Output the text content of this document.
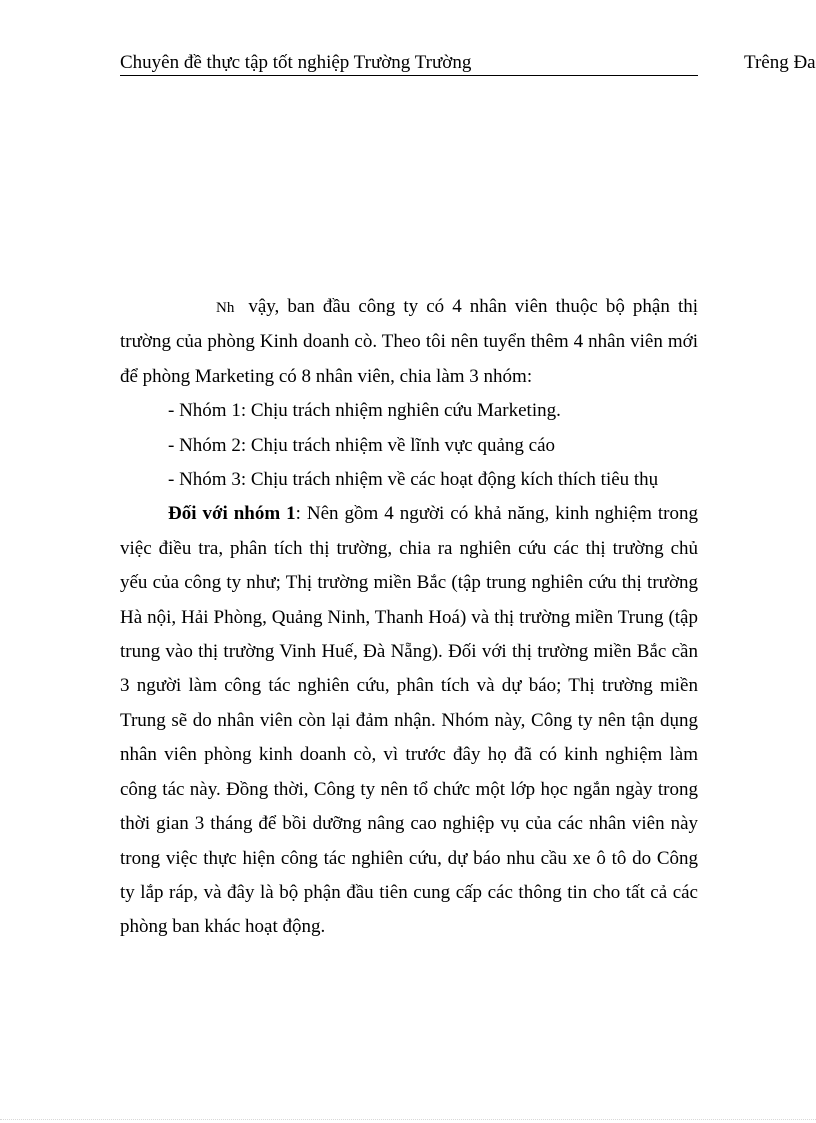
Chuyên đề thực tập tốt nghiệp Trường Trường	Trêng Đa

Nh vậy, ban đầu công ty có 4 nhân viên thuộc bộ phận thị trường của phòng Kinh doanh cò. Theo tôi nên tuyển thêm 4 nhân viên mới để phòng Marketing có 8 nhân viên, chia làm 3 nhóm:

- Nhóm 1: Chịu trách nhiệm nghiên cứu Marketing.

- Nhóm 2: Chịu trách nhiệm về lĩnh vực quảng cáo

- Nhóm 3: Chịu trách nhiệm về các hoạt động kích thích tiêu thụ

Đối với nhóm 1: Nên gồm 4 người có khả năng, kinh nghiệm trong việc điều tra, phân tích thị trường, chia ra nghiên cứu các thị trường chủ yếu của công ty như; Thị trường miền Bắc (tập trung nghiên cứu thị trường Hà nội, Hải Phòng, Quảng Ninh, Thanh Hoá) và thị trường miền Trung (tập trung vào thị trường Vinh Huế, Đà Nẵng). Đối với thị trường miền Bắc cần 3 người làm công tác nghiên cứu, phân tích và dự báo; Thị trường miền Trung sẽ do nhân viên còn lại đảm nhận. Nhóm này, Công ty nên tận dụng nhân viên phòng kinh doanh cò, vì trước đây họ đã có kinh nghiệm làm công tác này. Đồng thời, Công ty nên tổ chức một lớp học ngắn ngày trong thời gian 3 tháng để bồi dưỡng nâng cao nghiệp vụ của các nhân viên này trong việc thực hiện công tác nghiên cứu, dự báo nhu cầu xe ô tô do Công ty lắp ráp, và đây là bộ phận đầu tiên cung cấp các thông tin cho tất cả các phòng ban khác hoạt động.
